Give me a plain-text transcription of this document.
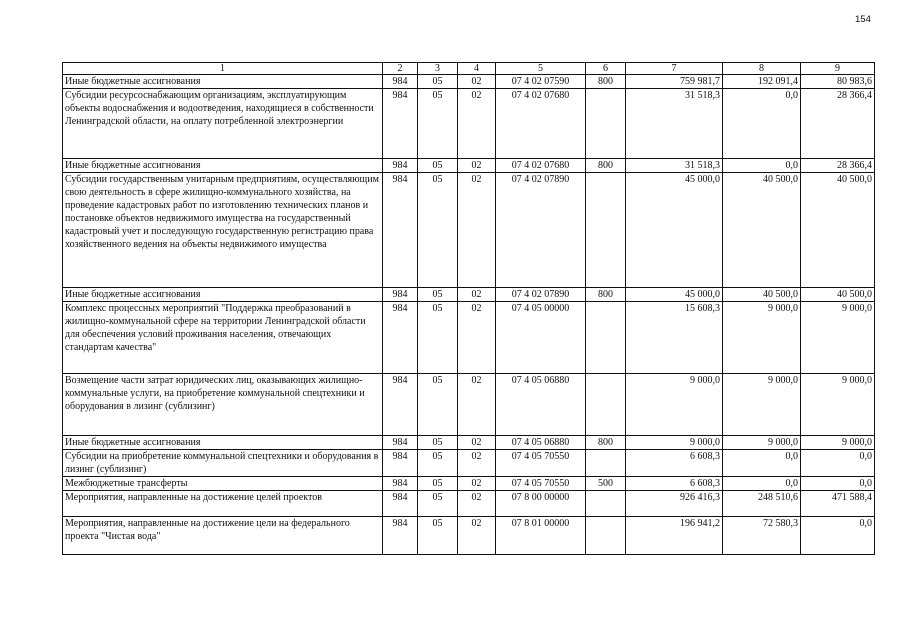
154
1	2	3	4	5	6	7	8	9
Иные бюджетные ассигнования	984	05	02	07 4 02 07590	800	759 981,7	192 091,4	80 983,6
Субсидии ресурсоснабжающим организациям, эксплуатирующим объекты водоснабжения и водоотведения, находящиеся в собственности Ленинградской области, на оплату потребленной электроэнергии	984	05	02	07 4 02 07680		31 518,3	0,0	28 366,4
Иные бюджетные ассигнования	984	05	02	07 4 02 07680	800	31 518,3	0,0	28 366,4
Субсидии государственным унитарным предприятиям, осуществляющим свою деятельность в сфере жилищно-коммунального хозяйства, на проведение кадастровых работ по изготовлению технических планов и постановке объектов недвижимого имущества на государственный кадастровый учет и последующую государственную регистрацию права хозяйственного ведения на объекты недвижимого имущества	984	05	02	07 4 02 07890		45 000,0	40 500,0	40 500,0
Иные бюджетные ассигнования	984	05	02	07 4 02 07890	800	45 000,0	40 500,0	40 500,0
Комплекс процессных мероприятий "Поддержка преобразований в жилищно-коммунальной сфере на территории Ленинградской области для обеспечения условий проживания населения, отвечающих стандартам качества"	984	05	02	07 4 05 00000		15 608,3	9 000,0	9 000,0
Возмещение части затрат юридических лиц, оказывающих жилищно-коммунальные услуги, на приобретение коммунальной спецтехники и оборудования в лизинг (сублизинг)	984	05	02	07 4 05 06880		9 000,0	9 000,0	9 000,0
Иные бюджетные ассигнования	984	05	02	07 4 05 06880	800	9 000,0	9 000,0	9 000,0
Субсидии на приобретение коммунальной спецтехники и оборудования в лизинг (сублизинг)	984	05	02	07 4 05 70550		6 608,3	0,0	0,0
Межбюджетные трансферты	984	05	02	07 4 05 70550	500	6 608,3	0,0	0,0
Мероприятия, направленные на достижение целей проектов	984	05	02	07 8 00 00000		926 416,3	248 510,6	471 588,4
Мероприятия, направленные на достижение цели на федерального проекта "Чистая вода"	984	05	02	07 8 01 00000		196 941,2	72 580,3	0,0
